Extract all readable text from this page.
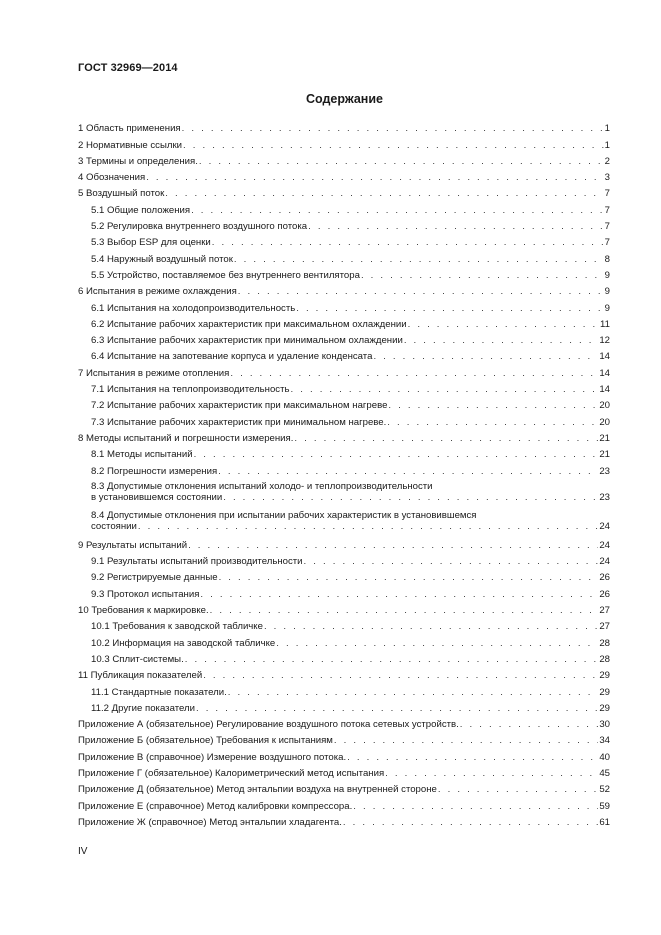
ГОСТ 32969—2014
Содержание
1 Область применения . . .	1
2 Нормативные ссылки . . .	1
3 Термины и определения. . . .	2
4 Обозначения . . .	3
5 Воздушный поток . . .	7
5.1 Общие положения . . .	7
5.2 Регулировка внутреннего воздушного потока . . .	7
5.3 Выбор ESP для оценки . . .	7
5.4 Наружный воздушный поток . . .	8
5.5 Устройство, поставляемое без внутреннего вентилятора . . .	9
6 Испытания в режиме охлаждения . . .	9
6.1 Испытания на холодопроизводительность . . .	9
6.2 Испытание рабочих характеристик при максимальном охлаждении . . .	11
6.3 Испытание рабочих характеристик при минимальном охлаждении . . .	12
6.4 Испытание на запотевание корпуса и удаление конденсата . . .	14
7 Испытания в режиме отопления . . .	14
7.1 Испытания на теплопроизводительность . . .	14
7.2 Испытание рабочих характеристик при максимальном нагреве . . .	20
7.3 Испытание рабочих характеристик при минимальном нагреве. . . .	20
8 Методы испытаний и погрешности измерения. . . .	21
8.1 Методы испытаний . . .	21
8.2 Погрешности измерения . . .	23
8.3 Допустимые отклонения испытаний холодо- и теплопроизводительности
в установившемся состоянии . . .	23
8.4 Допустимые отклонения при испытании рабочих характеристик в установившемся
состоянии . . .	24
9 Результаты испытаний . . .	24
9.1 Результаты испытаний производительности . . .	24
9.2 Регистрируемые данные . . .	26
9.3 Протокол испытания . . .	26
10 Требования к маркировке. . . .	27
10.1 Требования к заводской табличке . . .	27
10.2 Информация на заводской табличке . . .	28
10.3 Сплит-системы. . . .	28
11 Публикация показателей . . .	29
11.1 Стандартные показатели. . . .	29
11.2 Другие показатели . . .	29
Приложение А (обязательное) Регулирование воздушного потока сетевых устройств. . . .	30
Приложение Б (обязательное) Требования к испытаниям . . .	34
Приложение В (справочное) Измерение воздушного потока. . . .	40
Приложение Г (обязательное) Калориметрический метод испытания . . .	45
Приложение Д (обязательное) Метод энтальпии воздуха на внутренней стороне . . .	52
Приложение Е (справочное) Метод калибровки компрессора. . . .	59
Приложение Ж (справочное) Метод энтальпии хладагента. . . .	61
IV
